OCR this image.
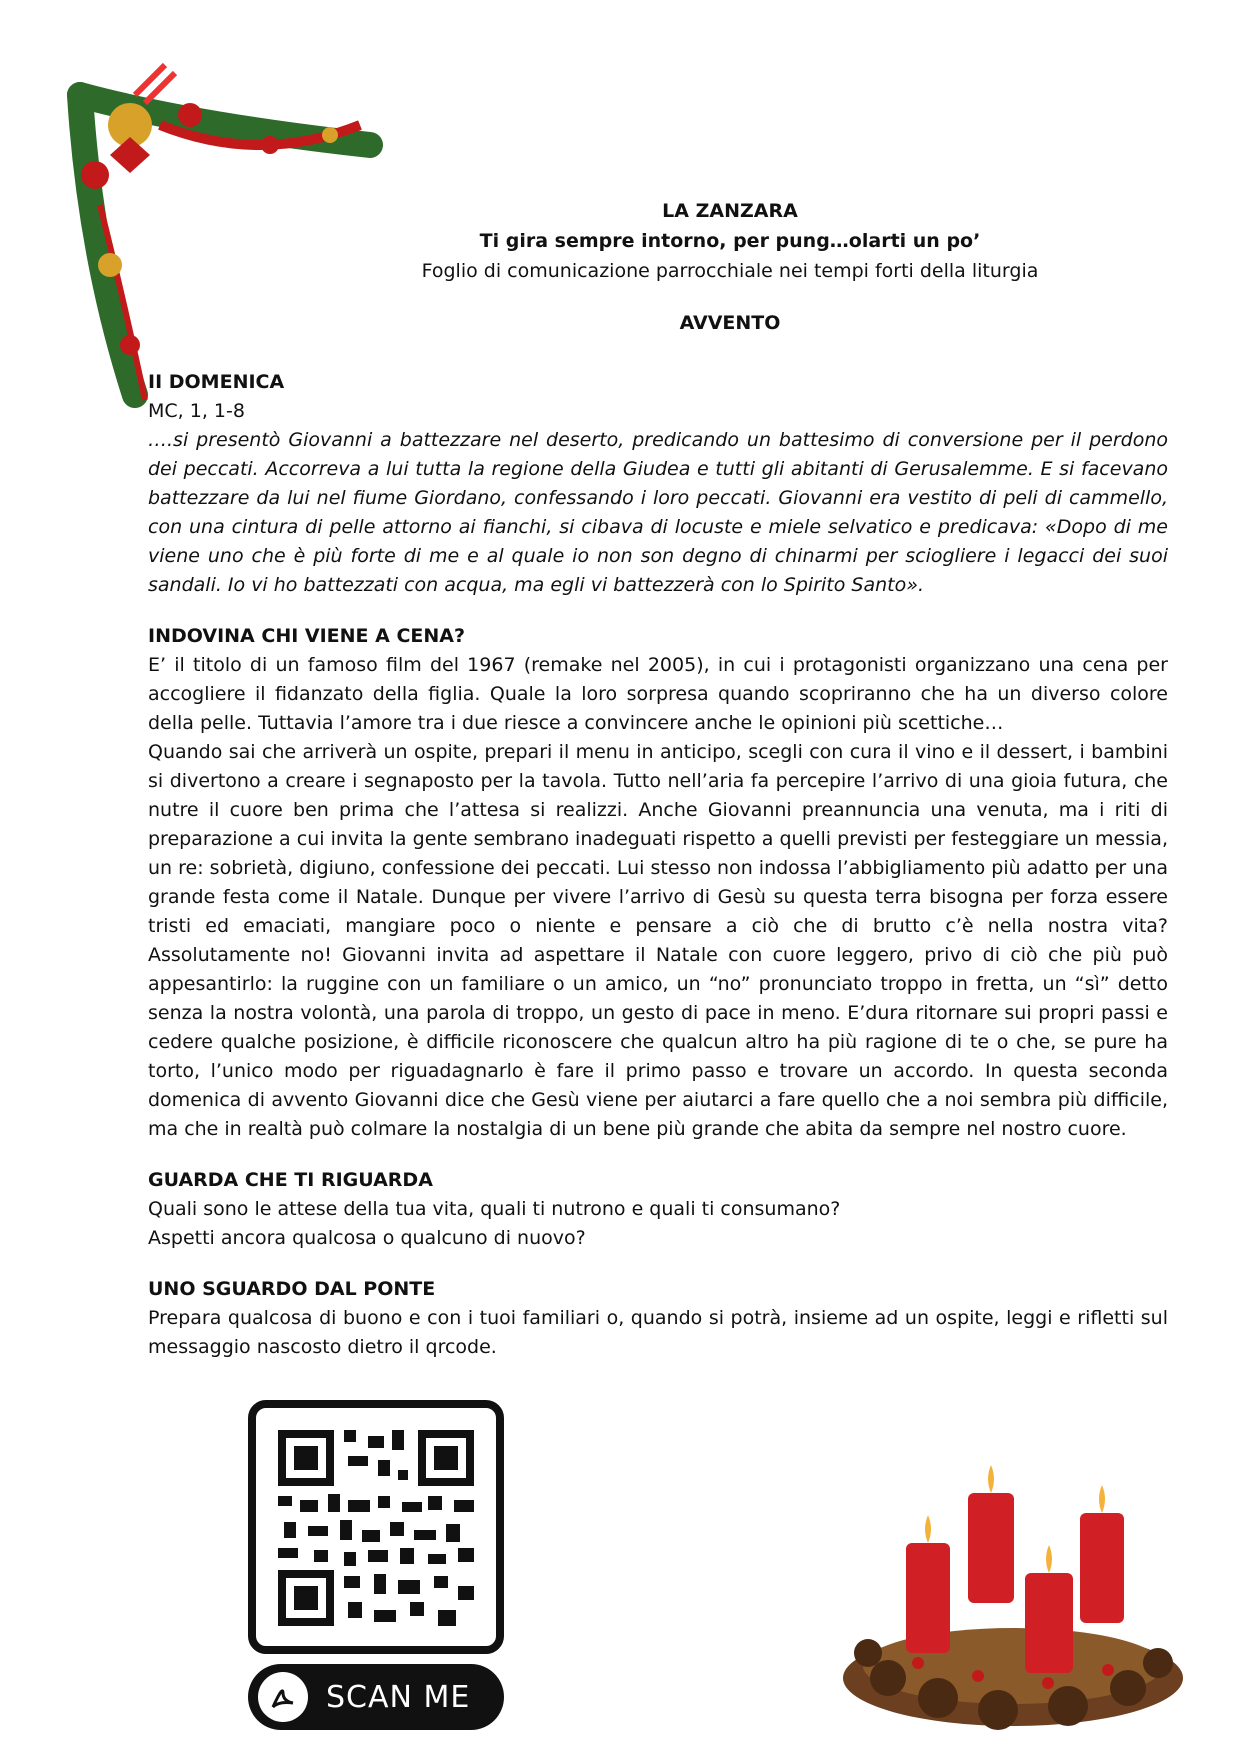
LA ZANZARA
Ti gira sempre intorno, per pung…olarti un po’
Foglio di comunicazione parrocchiale nei tempi forti della liturgia
AVVENTO
II DOMENICA

MC, 1, 1-8

….si presentò Giovanni a battezzare nel deserto, predicando un battesimo di conversione per il perdono dei peccati. Accorreva a lui tutta la regione della Giudea e tutti gli abitanti di Gerusalemme. E si facevano battezzare da lui nel fiume Giordano, confessando i loro peccati. Giovanni era vestito di peli di cammello, con una cintura di pelle attorno ai fianchi, si cibava di locuste e miele selvatico e predicava: «Dopo di me viene uno che è più forte di me e al quale io non son degno di chinarmi per sciogliere i legacci dei suoi sandali. Io vi ho battezzati con acqua, ma egli vi battezzerà con lo Spirito Santo».

INDOVINA CHI VIENE A CENA?

E’ il titolo di un famoso film del 1967 (remake nel 2005), in cui i protagonisti organizzano una cena per accogliere il fidanzato della figlia. Quale la loro sorpresa quando scopriranno che ha un diverso colore della pelle. Tuttavia l’amore tra i due riesce a convincere anche le opinioni più scettiche…

Quando sai che arriverà un ospite, prepari il menu in anticipo, scegli con cura il vino e il dessert, i bambini si divertono a creare i segnaposto per la tavola. Tutto nell’aria fa percepire l’arrivo di una gioia futura, che nutre il cuore ben prima che l’attesa si realizzi. Anche Giovanni preannuncia una venuta, ma i riti di preparazione a cui invita la gente sembrano inadeguati rispetto a quelli previsti per festeggiare un messia, un re: sobrietà, digiuno, confessione dei peccati. Lui stesso non indossa l’abbigliamento più adatto per una grande festa come il Natale. Dunque per vivere l’arrivo di Gesù su questa terra bisogna per forza essere tristi ed emaciati, mangiare poco o niente e pensare a ciò che di brutto c’è nella nostra vita? Assolutamente no! Giovanni invita ad aspettare il Natale con cuore leggero, privo di ciò che più può appesantirlo: la ruggine con un familiare o un amico, un “no” pronunciato troppo in fretta, un “sì” detto senza la nostra volontà, una parola di troppo, un gesto di pace in meno. E’dura ritornare sui propri passi e cedere qualche posizione, è difficile riconoscere che qualcun altro ha più ragione di te o che, se pure ha torto, l’unico modo per riguadagnarlo è fare il primo passo e trovare un accordo. In questa seconda domenica di avvento Giovanni dice che Gesù viene per aiutarci a fare quello che a noi sembra più difficile, ma che in realtà può colmare la nostalgia di un bene più grande che abita da sempre nel nostro cuore.

GUARDA CHE TI RIGUARDA

Quali sono le attese della tua vita, quali ti nutrono e quali ti consumano?

Aspetti ancora qualcosa o qualcuno di nuovo?

UNO SGUARDO DAL PONTE

Prepara qualcosa di buono e con i tuoi familiari o, quando si potrà, insieme ad un ospite, leggi e rifletti sul messaggio nascosto dietro il qrcode.

SCAN ME
